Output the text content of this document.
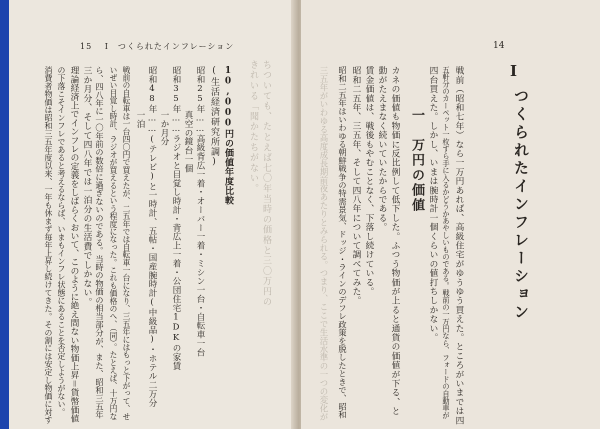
15 Ⅰ　つくられたインフレーション	14
ちついても、たとえば七〇年当時の価格と三〇万円の
きれいる「聞かたちがない。
10,000円の価値年度比較
(生活経済研究所調)
昭和25年……高級背広一着・オーバー一着・ミシン一台・自転車一台
　　　　　真空の鏡台一個
昭和35年……ラジオと目覚し時計・背広上一着・公団住宅1DKの家賃
　　　　　一か月分
昭和48年……(テレビ)と一時計、五帖・国産腕時計(中級品)・ホテル二万分
　　　　　一泊
戦前の自転車は一台四〇円で買えたが、二五年では自転車一台になり、三五年にはもっと下がって、せ
いぜい目覚し時計、ラジオが買えるという程度になった。これも価格のへ、（同）。たとえば、十万円な
ら、四八年に一〇年前の数倍に過ぎないのである。当時の物価の相当部分が、また、昭和三五年
三か月分、そして四八年では一泊分の生活費でしかない。
理論経済上でインフレの定義をしばらくおいて、このように絶え間ない物価上昇＝貨幣価値
の下落こそインフレであると考えるならば、いまもインフレ状態にあることを否定しようがない。
消費者物価は昭和三五年度以来、一年も休まず毎年上昇し続けてきた。その割には安定し物価に対す	Ⅰ
つくられたインフレーション
戦前（昭和七年）なら一万円あれば、高級住宅がゆうゆう買えた。ところがいまでは四
五軒分のカーペット一枚すら手に入るかどうかあやしいものである。戦前の一万円なら、フォードの自動車が
四台買えた。しかし、いまは腕時計一個くらいの値打ちしかない。
一　万円の価値
カネの価値も物価に反比例して低下した。ふつう物価が上ると通貨の価値が下る、と
動がたえまなく続いていたからである。
賃金価値は、戦後もやむことなく、下落し続けている。
昭和二五年、三五年、そして四八年について調べてみた。
昭和二五年はいわゆる朝鮮戦争の特需景気、ドッジ・ラインのデフレ政策を脱したときで、昭和
三五年がいわゆる高度成長期前夜あたりとみられる。つまり、ここで生活水準の一つの変化が
